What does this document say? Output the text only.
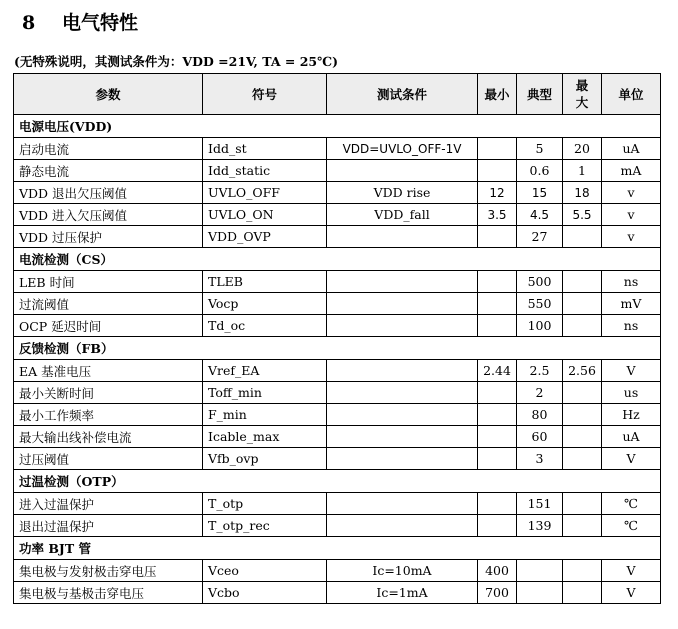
8 电气特性
(无特殊说明，其测试条件为：VDD =21V, TA = 25℃)
参数	符号	测试条件	最小	典型	最大	单位
电源电压(VDD)						
启动电流	Idd_st	VDD=UVLO_OFF-1V		5	20	uA
静态电流	Idd_static			0.6	1	mA
VDD 退出欠压阈值	UVLO_OFF	VDD rise	12	15	18	v
VDD 进入欠压阈值	UVLO_ON	VDD_fall	3.5	4.5	5.5	v
VDD 过压保护	VDD_OVP			27		v
电流检测（CS）						
LEB 时间	TLEB			500		ns
过流阈值	Vocp			550		mV
OCP 延迟时间	Td_oc			100		ns
反馈检测（FB）						
EA 基准电压	Vref_EA		2.44	2.5	2.56	V
最小关断时间	Toff_min			2		us
最小工作频率	F_min			80		Hz
最大输出线补偿电流	Icable_max			60		uA
过压阈值	Vfb_ovp			3		V
过温检测（OTP）						
进入过温保护	T_otp			151		℃
退出过温保护	T_otp_rec			139		℃
功率 BJT 管						
集电极与发射极击穿电压	Vceo	Ic=10mA	400			V
集电极与基极击穿电压	Vcbo	Ic=1mA	700			V
